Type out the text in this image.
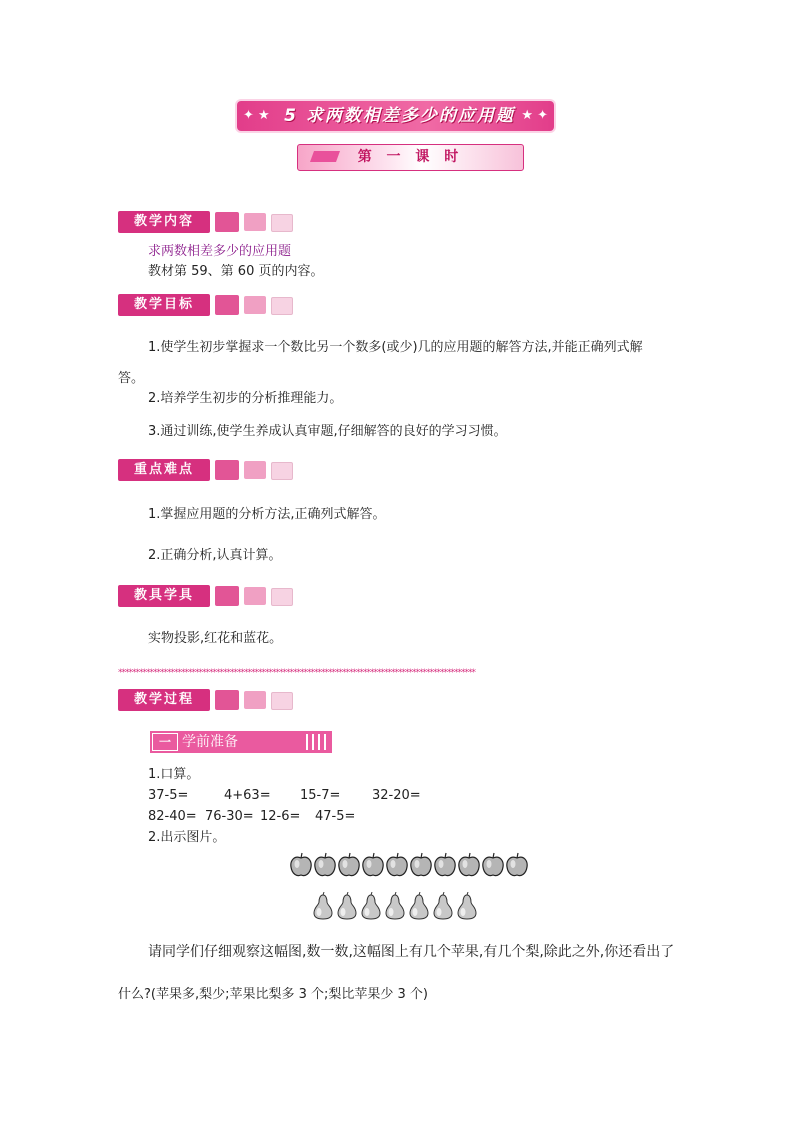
✦ ★ 5 求两数相差多少的应用题 ★ ✦
第 一 课 时
教学内容
求两数相差多少的应用题
教材第 59、第 60 页的内容。
教学目标
1.使学生初步掌握求一个数比另一个数多(或少)几的应用题的解答方法,并能正确列式解
答。
2.培养学生初步的分析推理能力。
3.通过训练,使学生养成认真审题,仔细解答的良好的学习习惯。
重点难点
1.掌握应用题的分析方法,正确列式解答。
2.正确分析,认真计算。
教具学具
实物投影,红花和蓝花。
******************************************************************************************************
教学过程
一 学前准备
1.口算。
37-5=	4+63= 15-7= 32-20=
82-40= 76-30= 12-6= 47-5=
2.出示图片。
请同学们仔细观察这幅图,数一数,这幅图上有几个苹果,有几个梨,除此之外,你还看出了
什么?(苹果多,梨少;苹果比梨多 3 个;梨比苹果少 3 个)
